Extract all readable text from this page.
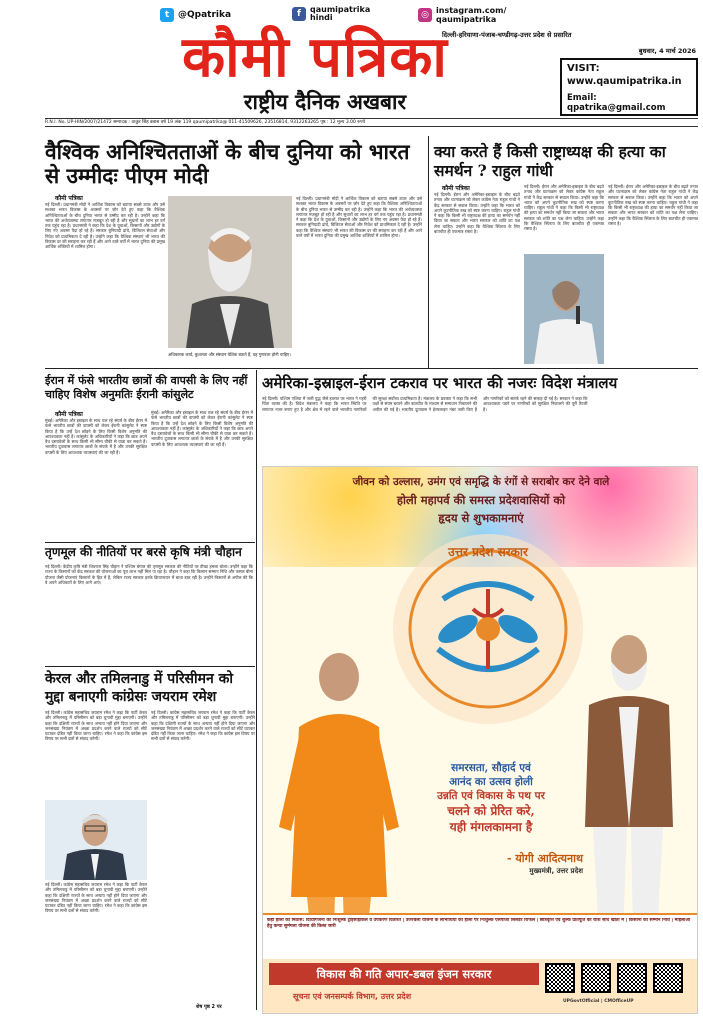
t @Qpatrika	f	qaumipatrika hindi	◎ instagram.com/ qaumipatrika
कौमी पत्रिका
राष्ट्रीय दैनिक अखबार
दिल्ली-हरियाणा-पंजाब-चण्डीगढ़-उत्तर प्रदेश से प्रसारित
बुधवार, 4 मार्च 2026
VISIT:
www.qaumipatrika.in
Email: qpatrika@gmail.com
R.N.I. No. UP-HIN/2007/21472 सम्पादक : ठाकुर सिंह डबास वर्ष 19 अंक 119 qaumipatrika@ 011-41509626, 23516814, 9312263265 पृष्ठ : 12 मूल्य 3.00 रुपये
वैश्विक अनिश्चितताओं के बीच दुनिया को भारत से उम्मीदः पीएम मोदी
कौमी पत्रिका
नई दिल्ली। प्रधानमंत्री मोदी ने आर्थिक विकास को बताया सबसे ऊपर और उसे सशक्त भारत विकास के अवसरों पर ज़ोर देते हुए कहा कि वैश्विक अनिश्चितताओं के बीच दुनिया भारत से उम्मीद कर रही है। उन्होंने कहा कि भारत की अर्थव्यवस्था लगातार मज़बूत हो रही है और सुधारों का लाभ हर वर्ग तक पहुंच रहा है। प्रधानमंत्री ने कहा कि देश के युवाओं, किसानों और उद्योगों के लिए नए अवसर पैदा हो रहे हैं। सरकार बुनियादी ढांचे, डिजिटल सेवाओं और निवेश को प्राथमिकता दे रही है। उन्होंने कहा कि वैश्विक संस्थाएं भी भारत की विकास दर की सराहना कर रही हैं और आने वाले वर्षों में भारत दुनिया की प्रमुख आर्थिक शक्तियों में शामिल होगा।
अधिकारक कार्य, कुशलता और संस्थान वेशिक बताते हैं, वह गुणवत्ता होनी चाहिए।
नई दिल्ली। प्रधानमंत्री मोदी ने आर्थिक विकास को बताया सबसे ऊपर और उसे सशक्त भारत विकास के अवसरों पर ज़ोर देते हुए कहा कि वैश्विक अनिश्चितताओं के बीच दुनिया भारत से उम्मीद कर रही है। उन्होंने कहा कि भारत की अर्थव्यवस्था लगातार मज़बूत हो रही है और सुधारों का लाभ हर वर्ग तक पहुंच रहा है। प्रधानमंत्री ने कहा कि देश के युवाओं, किसानों और उद्योगों के लिए नए अवसर पैदा हो रहे हैं। सरकार बुनियादी ढांचे, डिजिटल सेवाओं और निवेश को प्राथमिकता दे रही है। उन्होंने कहा कि वैश्विक संस्थाएं भी भारत की विकास दर की सराहना कर रही हैं और आने वाले वर्षों में भारत दुनिया की प्रमुख आर्थिक शक्तियों में शामिल होगा।
क्या करते हैं किसी राष्ट्राध्यक्ष की हत्या का समर्थन ? राहुल गांधी
कौमी पत्रिका
नई दिल्ली। ईरान और अमेरिका-इस्राइल के बीच बढ़ते तनाव और घटनाक्रम को लेकर कांग्रेस नेता राहुल गांधी ने केंद्र सरकार से सवाल किया। उन्होंने कहा कि भारत को अपने कूटनीतिक रुख को स्पष्ट करना चाहिए। राहुल गांधी ने कहा कि किसी भी राष्ट्राध्यक्ष की हत्या का समर्थन नहीं किया जा सकता और भारत सरकार को शांति का पक्ष लेना चाहिए। उन्होंने कहा कि वैश्विक स्थिरता के लिए बातचीत ही एकमात्र रास्ता है।
नई दिल्ली। ईरान और अमेरिका-इस्राइल के बीच बढ़ते तनाव और घटनाक्रम को लेकर कांग्रेस नेता राहुल गांधी ने केंद्र सरकार से सवाल किया। उन्होंने कहा कि भारत को अपने कूटनीतिक रुख को स्पष्ट करना चाहिए। राहुल गांधी ने कहा कि किसी भी राष्ट्राध्यक्ष की हत्या का समर्थन नहीं किया जा सकता और भारत सरकार को शांति का पक्ष लेना चाहिए। उन्होंने कहा कि वैश्विक स्थिरता के लिए बातचीत ही एकमात्र रास्ता है।
नई दिल्ली। ईरान और अमेरिका-इस्राइल के बीच बढ़ते तनाव और घटनाक्रम को लेकर कांग्रेस नेता राहुल गांधी ने केंद्र सरकार से सवाल किया। उन्होंने कहा कि भारत को अपने कूटनीतिक रुख को स्पष्ट करना चाहिए। राहुल गांधी ने कहा कि किसी भी राष्ट्राध्यक्ष की हत्या का समर्थन नहीं किया जा सकता और भारत सरकार को शांति का पक्ष लेना चाहिए। उन्होंने कहा कि वैश्विक स्थिरता के लिए बातचीत ही एकमात्र रास्ता है।
ईरान में फंसे भारतीय छात्रों की वापसी के लिए नहीं चाहिए विशेष अनुमतिः ईरानी कांसुलेट
कौमी पत्रिका
मुंबई। अमेरिका और इस्राइल के साथ चल रहे संघर्ष के बीच ईरान में फंसे भारतीय छात्रों की वापसी को लेकर ईरानी कांसुलेट ने स्पष्ट किया है कि उन्हें देश छोड़ने के लिए किसी विशेष अनुमति की आवश्यकता नहीं है। कांसुलेट के अधिकारियों ने कहा कि छात्र अपने वैध दस्तावेजों के साथ किसी भी सीमा चौकी से यात्रा कर सकते हैं। भारतीय दूतावास लगातार छात्रों के संपर्क में है और उनकी सुरक्षित वापसी के लिए आवश्यक व्यवस्थाएं की जा रही हैं।
मुंबई। अमेरिका और इस्राइल के साथ चल रहे संघर्ष के बीच ईरान में फंसे भारतीय छात्रों की वापसी को लेकर ईरानी कांसुलेट ने स्पष्ट किया है कि उन्हें देश छोड़ने के लिए किसी विशेष अनुमति की आवश्यकता नहीं है। कांसुलेट के अधिकारियों ने कहा कि छात्र अपने वैध दस्तावेजों के साथ किसी भी सीमा चौकी से यात्रा कर सकते हैं। भारतीय दूतावास लगातार छात्रों के संपर्क में है और उनकी सुरक्षित वापसी के लिए आवश्यक व्यवस्थाएं की जा रही हैं।
तृणमूल की नीतियों पर बरसे कृषि मंत्री चौहान
नई दिल्ली। केंद्रीय कृषि मंत्री शिवराज सिंह चौहान ने पश्चिम बंगाल की तृणमूल सरकार की नीतियों पर तीखा हमला बोला। उन्होंने कहा कि राज्य के किसानों को केंद्र सरकार की योजनाओं का पूरा लाभ नहीं मिल पा रहा है। चौहान ने कहा कि किसान सम्मान निधि और फसल बीमा योजना जैसी योजनाएं किसानों के हित में हैं, लेकिन राज्य सरकार इनके क्रियान्वयन में बाधा डाल रही है। उन्होंने किसानों से अपील की कि वे अपने अधिकारों के लिए आगे आएं।
केरल और तमिलनाडु में परिसीमन को मुद्दा बनाएगी कांग्रेसः जयराम रमेश
नई दिल्ली। कांग्रेस महासचिव जयराम रमेश ने कहा कि पार्टी केरल और तमिलनाडु में परिसीमन को बड़ा चुनावी मुद्दा बनाएगी। उन्होंने कहा कि दक्षिणी राज्यों के साथ अन्याय नहीं होने दिया जाएगा और जनसंख्या नियंत्रण में अच्छा प्रदर्शन करने वाले राज्यों को सीटें घटाकर दंडित नहीं किया जाना चाहिए। रमेश ने कहा कि कांग्रेस इस विषय पर सभी दलों से संवाद करेगी।
नई दिल्ली। कांग्रेस महासचिव जयराम रमेश ने कहा कि पार्टी केरल और तमिलनाडु में परिसीमन को बड़ा चुनावी मुद्दा बनाएगी। उन्होंने कहा कि दक्षिणी राज्यों के साथ अन्याय नहीं होने दिया जाएगा और जनसंख्या नियंत्रण में अच्छा प्रदर्शन करने वाले राज्यों को सीटें घटाकर दंडित नहीं किया जाना चाहिए। रमेश ने कहा कि कांग्रेस इस विषय पर सभी दलों से संवाद करेगी।
नई दिल्ली। कांग्रेस महासचिव जयराम रमेश ने कहा कि पार्टी केरल और तमिलनाडु में परिसीमन को बड़ा चुनावी मुद्दा बनाएगी। उन्होंने कहा कि दक्षिणी राज्यों के साथ अन्याय नहीं होने दिया जाएगा और जनसंख्या नियंत्रण में अच्छा प्रदर्शन करने वाले राज्यों को सीटें घटाकर दंडित नहीं किया जाना चाहिए। रमेश ने कहा कि कांग्रेस इस विषय पर सभी दलों से संवाद करेगी।
शेष पृष्ठ 2 पर
अमेरिका-इस्राइल-ईरान टकराव पर भारत की नजरः विदेश मंत्रालय
नई दिल्ली। पश्चिम एशिया में जारी युद्ध जैसे हालात पर भारत ने गहरी चिंता व्यक्त की है। विदेश मंत्रालय ने कहा कि भारत स्थिति पर लगातार नज़र बनाए हुए है और क्षेत्र में रहने वाले भारतीय नागरिकों की सुरक्षा सर्वोच्च प्राथमिकता है। मंत्रालय के प्रवक्ता ने कहा कि सभी पक्षों से संयम बरतने और बातचीत के माध्यम से समाधान निकालने की अपील की गई है। भारतीय दूतावास ने हेल्पलाइन नंबर जारी किए हैं और नागरिकों को सतर्क रहने की सलाह दी गई है। सरकार ने कहा कि आवश्यकता पड़ने पर नागरिकों को सुरक्षित निकालने की पूरी तैयारी है।
जीवन को उल्लास, उमंग एवं समृद्धि के रंगों से सराबोर कर देने वाले
होली महापर्व की समस्त प्रदेशवासियों को
हृदय से शुभकामनाएं
उत्तर प्रदेश सरकार
समरसता, सौहार्द एवं
आनंद का उत्सव होली
उन्नति एवं विकास के पथ पर
चलने को प्रेरित करे,
यही मंगलकामना है
- योगी आदित्यनाथ
मुख्यमंत्री, उत्तर प्रदेश
कहीं होली की मिठास: दिव्यांगजनों को निःशुल्क ट्राइसाइकिल व उपकरण वितरित | उज्ज्वला योजना के लाभार्थियों को होली पर निःशुल्क एलपीजी सिलेंडर रिफिल | छात्रवृत्ति एवं शुल्क प्रतिपूर्ति की राशि सीधे खातों में | किसानों को सम्मान निधि | महिलाओं हेतु कन्या सुमंगला योजना की किस्त जारी
विकास की गति अपार-डबल इंजन सरकार
सूचना एवं जनसम्पर्क विभाग, उत्तर प्रदेश
UPGovtOfficial | CMOfficeUP
